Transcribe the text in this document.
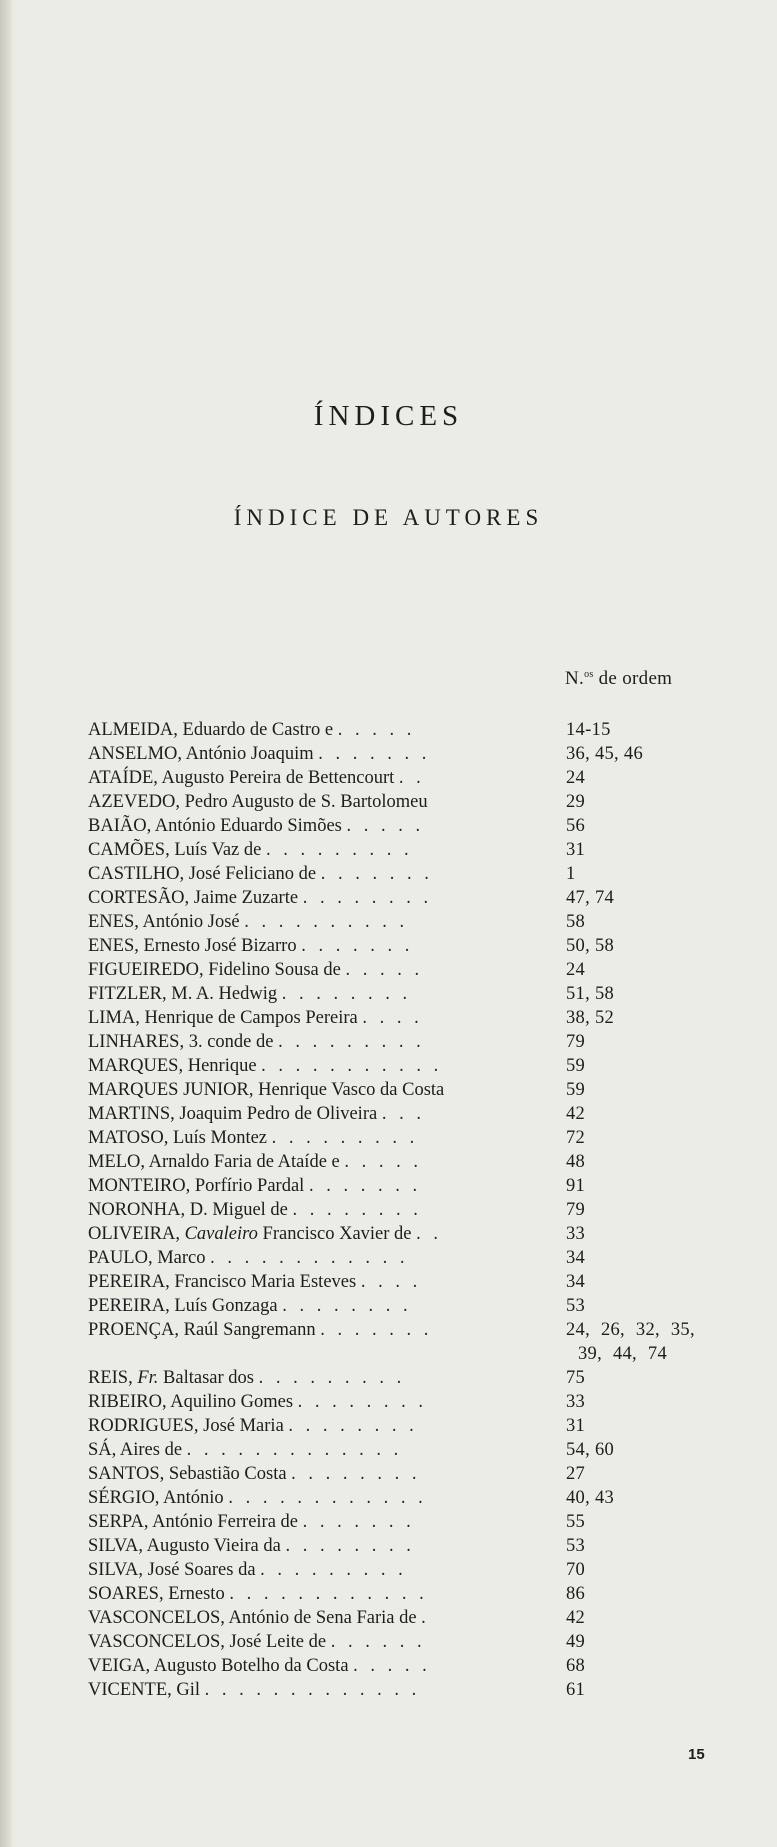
ÍNDICES
ÍNDICE DE AUTORES
N.$^{os}$ de ordem
ALMEIDA, Eduardo de Castro e . . . . .	14-15
ANSELMO, António Joaquim . . . . . . .	36, 45, 46
ATAÍDE, Augusto Pereira de Bettencourt . .	24
AZEVEDO, Pedro Augusto de S. Bartolomeu	29
BAIÃO, António Eduardo Simões . . . . .	56
CAMÕES, Luís Vaz de . . . . . . . . .	31
CASTILHO, José Feliciano de . . . . . . .	1
CORTESÃO, Jaime Zuzarte . . . . . . . .	47, 74
ENES, António José . . . . . . . . . .	58
ENES, Ernesto José Bizarro . . . . . . .	50, 58
FIGUEIREDO, Fidelino Sousa de . . . . .	24
FITZLER, M. A. Hedwig . . . . . . . .	51, 58
LIMA, Henrique de Campos Pereira . . . .	38, 52
LINHARES, 3. conde de . . . . . . . . .	79
MARQUES, Henrique . . . . . . . . . . .	59
MARQUES JUNIOR, Henrique Vasco da Costa	59
MARTINS, Joaquim Pedro de Oliveira . . .	42
MATOSO, Luís Montez . . . . . . . . .	72
MELO, Arnaldo Faria de Ataíde e . . . . .	48
MONTEIRO, Porfírio Pardal . . . . . . .	91
NORONHA, D. Miguel de . . . . . . . .	79
OLIVEIRA, Cavaleiro Francisco Xavier de . .	33
PAULO, Marco . . . . . . . . . . . .	34
PEREIRA, Francisco Maria Esteves . . . .	34
PEREIRA, Luís Gonzaga . . . . . . . .	53
PROENÇA, Raúl Sangremann . . . . . . .	24, 26, 32, 35,
39, 44, 74
REIS, Fr. Baltasar dos . . . . . . . . .	75
RIBEIRO, Aquilino Gomes . . . . . . . .	33
RODRIGUES, José Maria . . . . . . . .	31
SÁ, Aires de . . . . . . . . . . . . .	54, 60
SANTOS, Sebastião Costa . . . . . . . .	27
SÉRGIO, António . . . . . . . . . . . .	40, 43
SERPA, António Ferreira de . . . . . . .	55
SILVA, Augusto Vieira da . . . . . . . .	53
SILVA, José Soares da . . . . . . . . .	70
SOARES, Ernesto . . . . . . . . . . . .	86
VASCONCELOS, António de Sena Faria de .	42
VASCONCELOS, José Leite de . . . . . .	49
VEIGA, Augusto Botelho da Costa . . . . .	68
VICENTE, Gil . . . . . . . . . . . . .	61
15
